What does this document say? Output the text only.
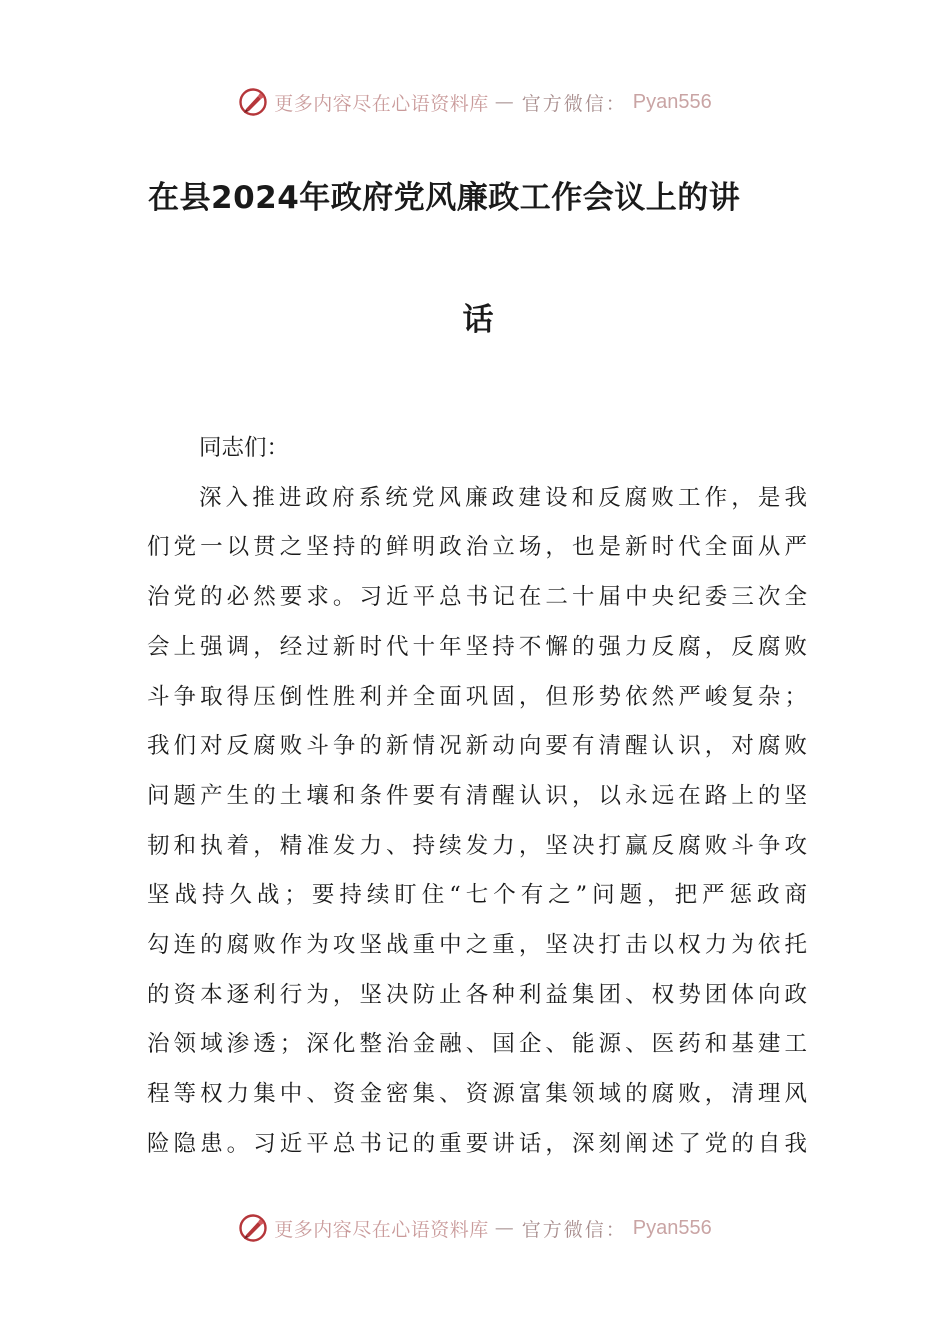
更多内容尽在心语资料库 — 官方微信： Pyan556
在县2024年政府党风廉政工作会议上的讲
话

同志们：

深入推进政府系统党风廉政建设和反腐败工作，是我

们党一以贯之坚持的鲜明政治立场，也是新时代全面从严

治党的必然要求。习近平总书记在二十届中央纪委三次全

会上强调，经过新时代十年坚持不懈的强力反腐，反腐败

斗争取得压倒性胜利并全面巩固，但形势依然严峻复杂；

我们对反腐败斗争的新情况新动向要有清醒认识，对腐败

问题产生的土壤和条件要有清醒认识，以永远在路上的坚

韧和执着，精准发力、持续发力，坚决打赢反腐败斗争攻

坚战持久战；要持续盯住“七个有之”问题，把严惩政商

勾连的腐败作为攻坚战重中之重，坚决打击以权力为依托

的资本逐利行为，坚决防止各种利益集团、权势团体向政

治领域渗透；深化整治金融、国企、能源、医药和基建工

程等权力集中、资金密集、资源富集领域的腐败，清理风

险隐患。习近平总书记的重要讲话，深刻阐述了党的自我

更多内容尽在心语资料库 — 官方微信： Pyan556
